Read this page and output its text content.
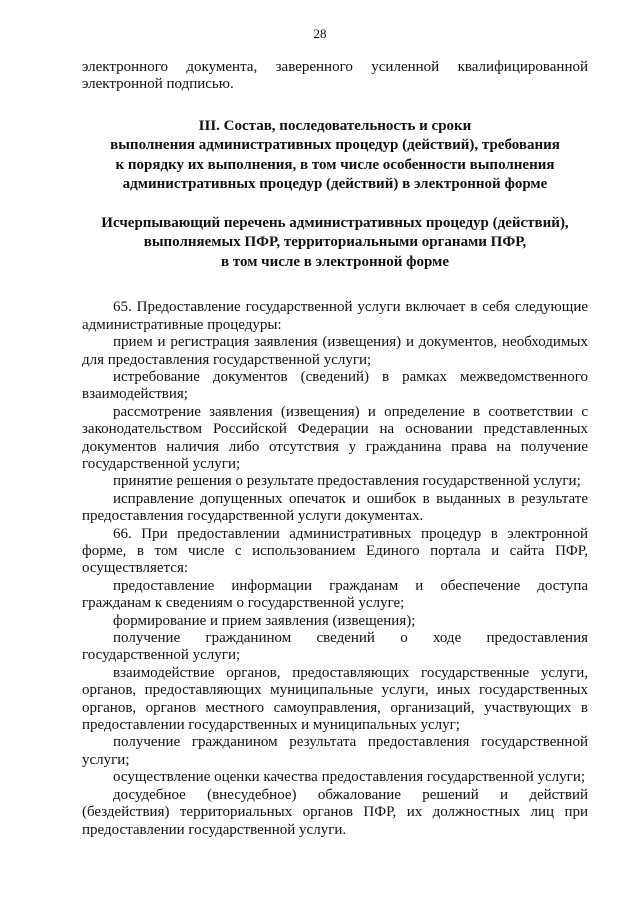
28

электронного документа, заверенного усиленной квалифицированной электронной подписью.

III. Состав, последовательность и сроки
выполнения административных процедур (действий), требования
к порядку их выполнения, в том числе особенности выполнения
административных процедур (действий) в электронной форме
Исчерпывающий перечень административных процедур (действий),
выполняемых ПФР, территориальными органами ПФР,
в том числе в электронной форме

65. Предоставление государственной услуги включает в себя следующие административные процедуры:

прием и регистрация заявления (извещения) и документов, необходимых для предоставления государственной услуги;

истребование документов (сведений) в рамках межведомственного взаимодействия;

рассмотрение заявления (извещения) и определение в соответствии с законодательством Российской Федерации на основании представленных документов наличия либо отсутствия у гражданина права на получение государственной услуги;

принятие решения о результате предоставления государственной услуги;

исправление допущенных опечаток и ошибок в выданных в результате предоставления государственной услуги документах.

66. При предоставлении административных процедур в электронной форме, в том числе с использованием Единого портала и сайта ПФР, осуществляется:

предоставление информации гражданам и обеспечение доступа гражданам к сведениям о государственной услуге;

формирование и прием заявления (извещения);

получение гражданином сведений о ходе предоставления государственной услуги;

взаимодействие органов, предоставляющих государственные услуги, органов, предоставляющих муниципальные услуги, иных государственных органов, органов местного самоуправления, организаций, участвующих в предоставлении государственных и муниципальных услуг;

получение гражданином результата предоставления государственной услуги;

осуществление оценки качества предоставления государственной услуги;

досудебное (внесудебное) обжалование решений и действий (бездействия) территориальных органов ПФР, их должностных лиц при предоставлении государственной услуги.
